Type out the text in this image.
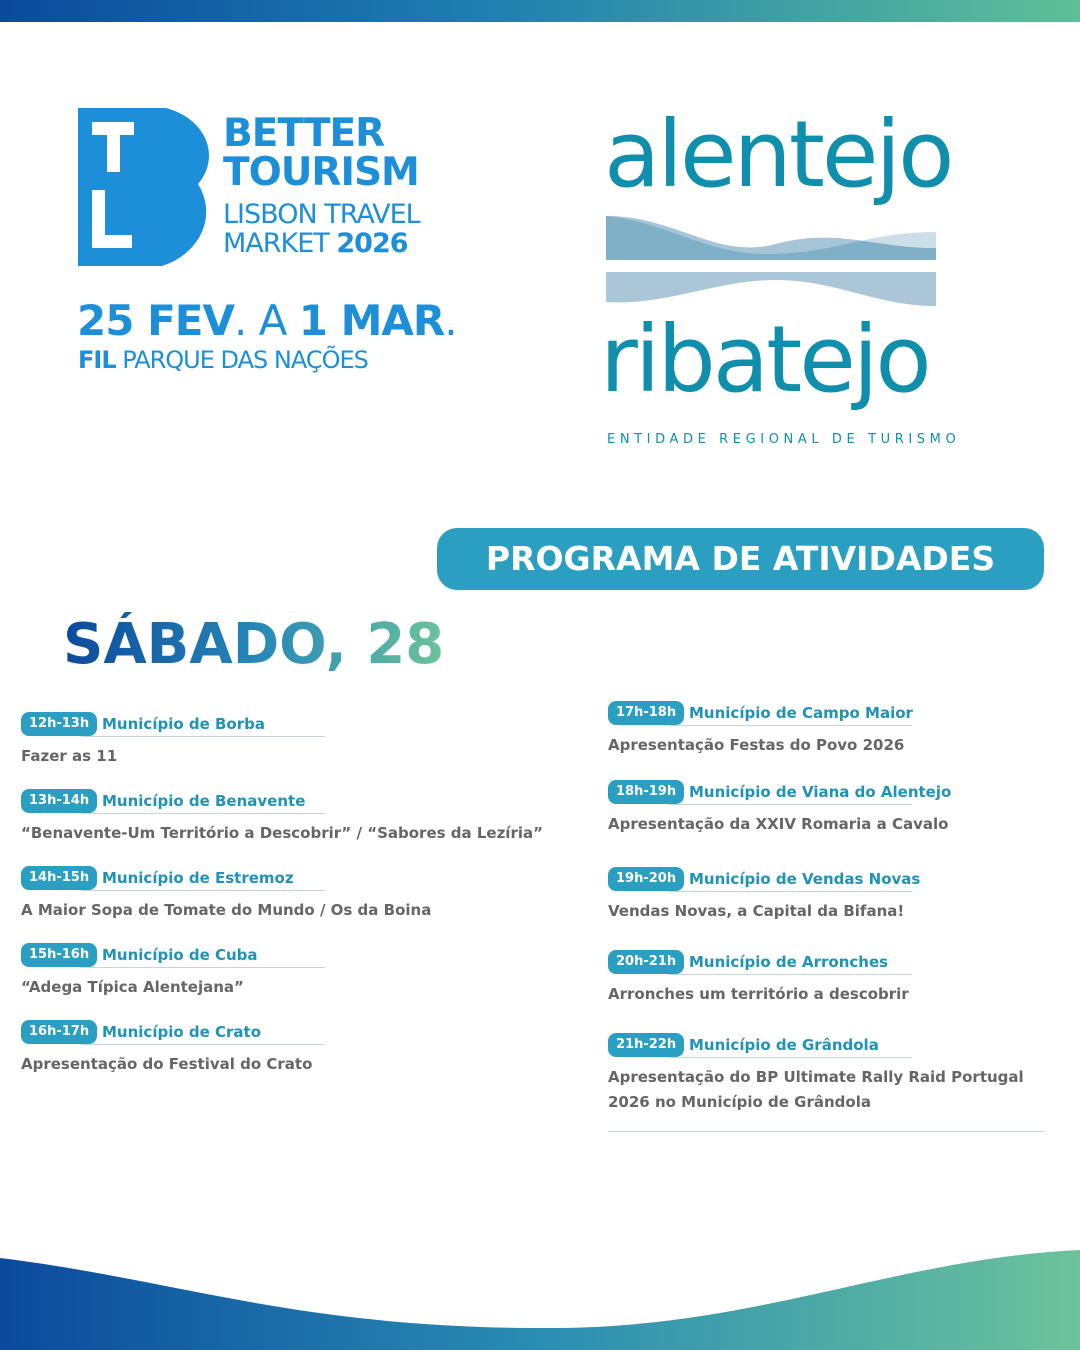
BETTER
TOURISM
LISBON TRAVEL
MARKET 2026
25 FEV. A 1 MAR.
FIL PARQUE DAS NAÇÕES
alentejo
ribatejo
ENTIDADE REGIONAL DE TURISMO
PROGRAMA DE ATIVIDADES
SÁBADO, 28
12h-13h Município de Borba
Fazer as 11
13h-14h Município de Benavente
“Benavente-Um Território a Descobrir” / “Sabores da Lezíria”
14h-15h Município de Estremoz
A Maior Sopa de Tomate do Mundo / Os da Boina
15h-16h Município de Cuba
“Adega Típica Alentejana”
16h-17h Município de Crato
Apresentação do Festival do Crato
17h-18h Município de Campo Maior
Apresentação Festas do Povo 2026
18h-19h Município de Viana do Alentejo
Apresentação da XXIV Romaria a Cavalo
19h-20h Município de Vendas Novas
Vendas Novas, a Capital da Bifana!
20h-21h Município de Arronches
Arronches um território a descobrir
21h-22h Município de Grândola
Apresentação do BP Ultimate Rally Raid Portugal 2026 no Município de Grândola
